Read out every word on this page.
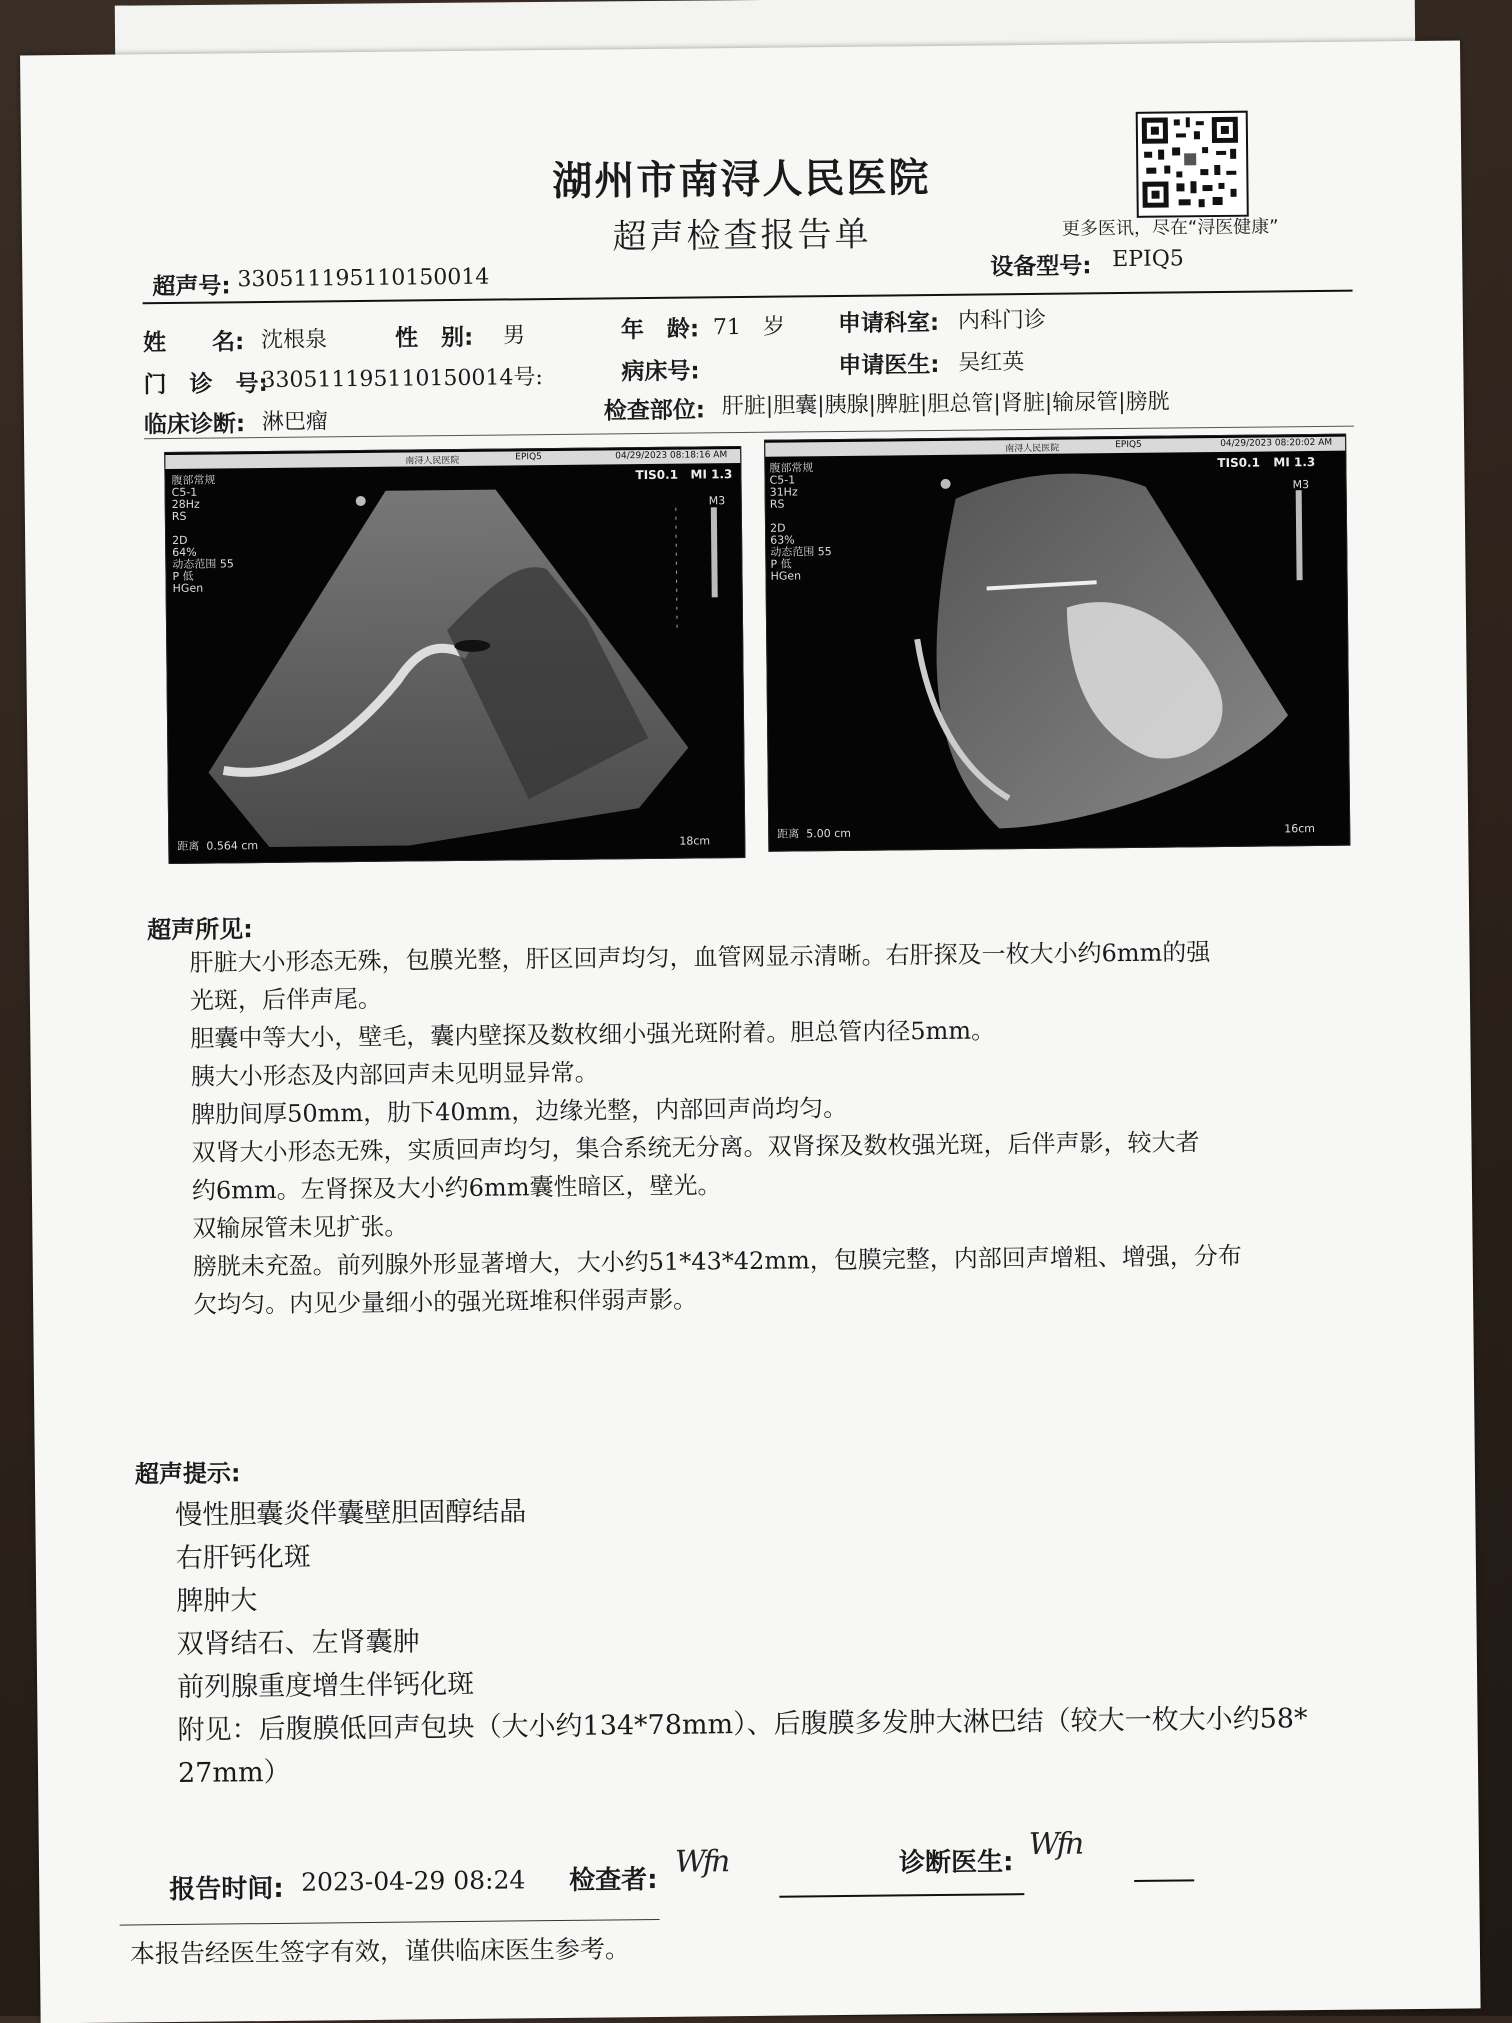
湖州市南浔人民医院
超声检查报告单	更多医讯，尽在“浔医健康”
超声号: 330511195110150014	设备型号: EPIQ5
姓　　名: 沈根泉	性　别: 男	年　龄: 71　岁 申请科室: 内科门诊
门　诊　号:
330511195110150014号:	病床号:	申请医生: 吴红英
临床诊断: 淋巴瘤	检查部位: 肝脏|胆囊|胰腺|脾脏|胆总管|肾脏|输尿管|膀胱
南浔人民医院	EPIQ5	04/29/2023 08:18:16 AM
TIS0.1 MI 1.3
腹部常规
C5-1
28Hz
RS

2D
64%
动态范围 55
P 低
HGen
M3
距离  0.564 cm	18cm
南浔人民医院	EPIQ5	04/29/2023 08:20:02 AM
TIS0.1 MI 1.3
腹部常规
C5-1
31Hz
RS

2D
63%
动态范围 55
P 低
HGen
M3
距离  5.00 cm	16cm
超声所见:
肝脏大小形态无殊，包膜光整，肝区回声均匀，血管网显示清晰。右肝探及一枚大小约6mm的强
光斑，后伴声尾。
胆囊中等大小，壁毛，囊内壁探及数枚细小强光斑附着。胆总管内径5mm。
胰大小形态及内部回声未见明显异常。
脾肋间厚50mm，肋下40mm，边缘光整，内部回声尚均匀。
双肾大小形态无殊，实质回声均匀，集合系统无分离。双肾探及数枚强光斑，后伴声影，较大者
约6mm。左肾探及大小约6mm囊性暗区，壁光。
双输尿管未见扩张。
膀胱未充盈。前列腺外形显著增大，大小约51*43*42mm，包膜完整，内部回声增粗、增强，分布
欠均匀。内见少量细小的强光斑堆积伴弱声影。
超声提示:
慢性胆囊炎伴囊壁胆固醇结晶
右肝钙化斑
脾肿大
双肾结石、左肾囊肿
前列腺重度增生伴钙化斑
附见：后腹膜低回声包块（大小约134*78mm）、后腹膜多发肿大淋巴结（较大一枚大小约58*
27mm）
报告时间: 2023-04-29 08:24 检查者:
Wfn	诊断医生:
Wfn
本报告经医生签字有效，谨供临床医生参考。
